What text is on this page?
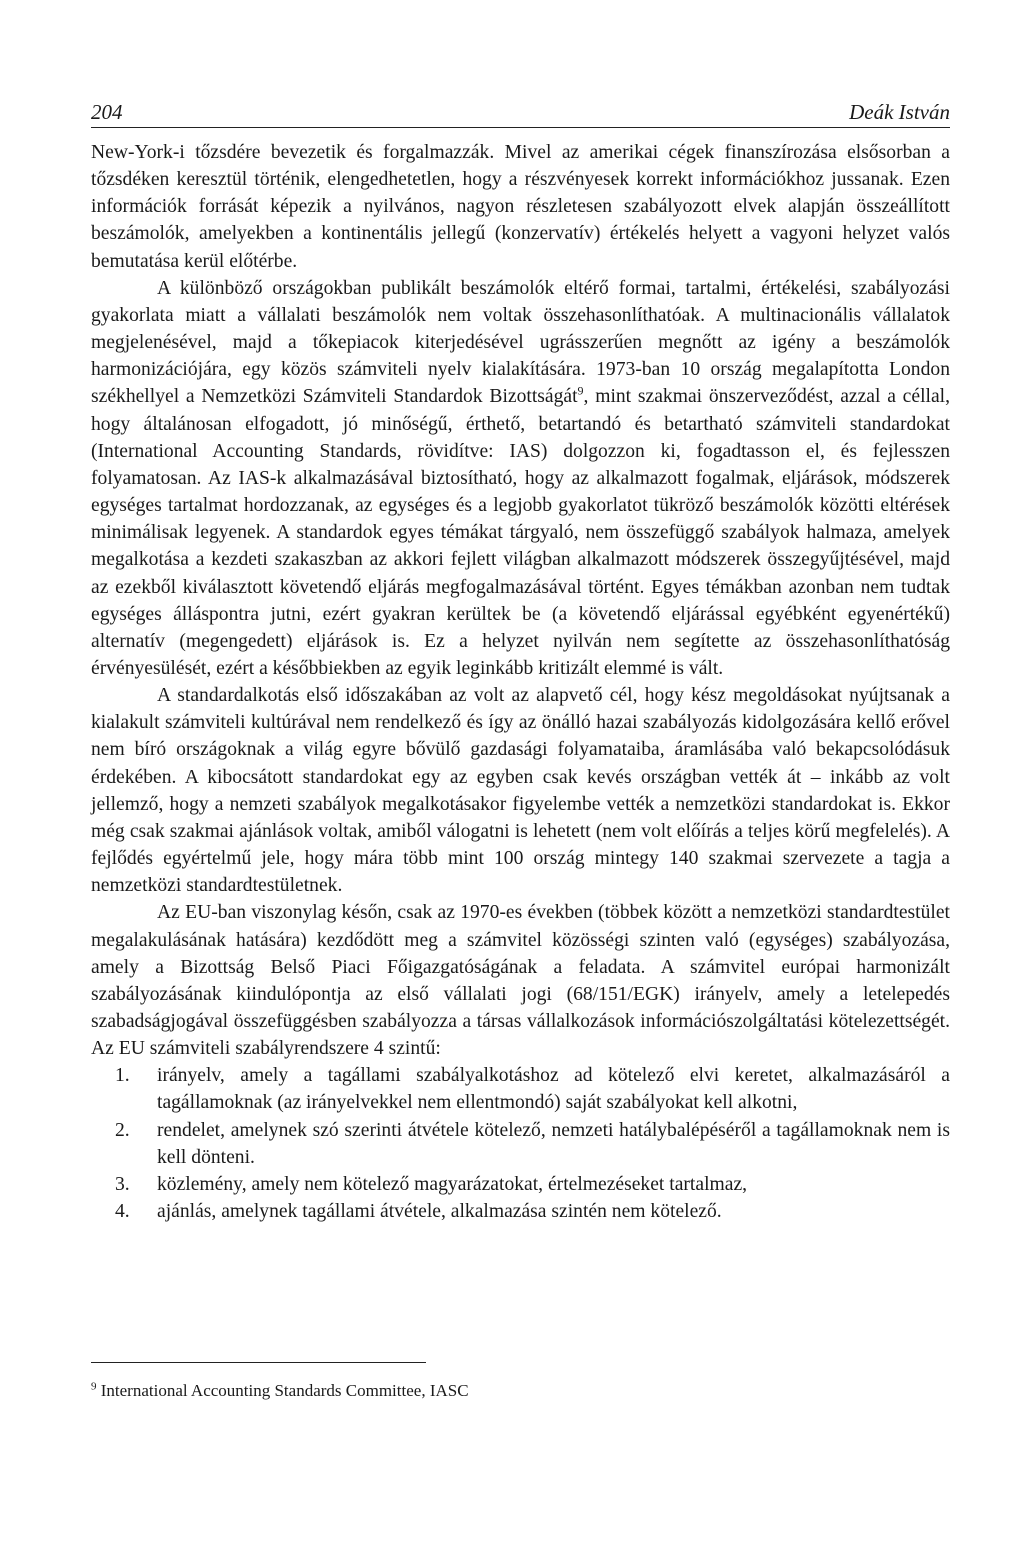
204	Deák István

New-York-i tőzsdére bevezetik és forgalmazzák. Mivel az amerikai cégek finanszírozása elsősorban a tőzsdéken keresztül történik, elengedhetetlen, hogy a részvényesek korrekt információkhoz jussanak. Ezen információk forrását képezik a nyilvános, nagyon részletesen szabályozott elvek alapján összeállított beszámolók, amelyekben a kontinentális jellegű (konzervatív) értékelés helyett a vagyoni helyzet valós bemutatása kerül előtérbe.

A különböző országokban publikált beszámolók eltérő formai, tartalmi, értékelési, szabályozási gyakorlata miatt a vállalati beszámolók nem voltak összehasonlíthatóak. A multinacionális vállalatok megjelenésével, majd a tőkepiacok kiterjedésével ugrásszerűen megnőtt az igény a beszámolók harmonizációjára, egy közös számviteli nyelv kialakítására. 1973-ban 10 ország megalapította London székhellyel a Nemzetközi Számviteli Standardok Bizottságát$^9$, mint szakmai önszerveződést, azzal a céllal, hogy általánosan elfogadott, jó minőségű, érthető, betartandó és betartható számviteli standardokat (International Accounting Standards, rövidítve: IAS) dolgozzon ki, fogadtasson el, és fejlesszen folyamatosan. Az IAS-k alkalmazásával biztosítható, hogy az alkalmazott fogalmak, eljárások, módszerek egységes tartalmat hordozzanak, az egységes és a legjobb gyakorlatot tükröző beszámolók közötti eltérések minimálisak legyenek. A standardok egyes témákat tárgyaló, nem összefüggő szabályok halmaza, amelyek megalkotása a kezdeti szakaszban az akkori fejlett világban alkalmazott módszerek összegyűjtésével, majd az ezekből kiválasztott követendő eljárás megfogalmazásával történt. Egyes témákban azonban nem tudtak egységes álláspontra jutni, ezért gyakran kerültek be (a követendő eljárással egyébként egyenértékű) alternatív (megengedett) eljárások is. Ez a helyzet nyilván nem segítette az összehasonlíthatóság érvényesülését, ezért a későbbiekben az egyik leginkább kritizált elemmé is vált.

A standardalkotás első időszakában az volt az alapvető cél, hogy kész megoldásokat nyújtsanak a kialakult számviteli kultúrával nem rendelkező és így az önálló hazai szabályozás kidolgozására kellő erővel nem bíró országoknak a világ egyre bővülő gazdasági folyamataiba, áramlásába való bekapcsolódásuk érdekében. A kibocsátott standardokat egy az egyben csak kevés országban vették át – inkább az volt jellemző, hogy a nemzeti szabályok megalkotásakor figyelembe vették a nemzetközi standardokat is. Ekkor még csak szakmai ajánlások voltak, amiből válogatni is lehetett (nem volt előírás a teljes körű megfelelés). A fejlődés egyértelmű jele, hogy mára több mint 100 ország mintegy 140 szakmai szervezete a tagja a nemzetközi standardtestületnek.

Az EU-ban viszonylag későn, csak az 1970-es években (többek között a nemzetközi standardtestület megalakulásának hatására) kezdődött meg a számvitel közösségi szinten való (egységes) szabályozása, amely a Bizottság Belső Piaci Főigazgatóságának a feladata. A számvitel európai harmonizált szabályozásának kiindulópontja az első vállalati jogi (68/151/EGK) irányelv, amely a letelepedés szabadságjogával összefüggésben szabályozza a társas vállalkozások információszolgáltatási kötelezettségét. Az EU számviteli szabályrendszere 4 szintű:

1.	irányelv, amely a tagállami szabályalkotáshoz ad kötelező elvi keretet, alkalmazásáról a tagállamoknak (az irányelvekkel nem ellentmondó) saját szabályokat kell alkotni,
2.	rendelet, amelynek szó szerinti átvétele kötelező, nemzeti hatálybalépéséről a tagállamoknak nem is kell dönteni.
3.	közlemény, amely nem kötelező magyarázatokat, értelmezéseket tartalmaz,
4.	ajánlás, amelynek tagállami átvétele, alkalmazása szintén nem kötelező.
$^9$ International Accounting Standards Committee, IASC
